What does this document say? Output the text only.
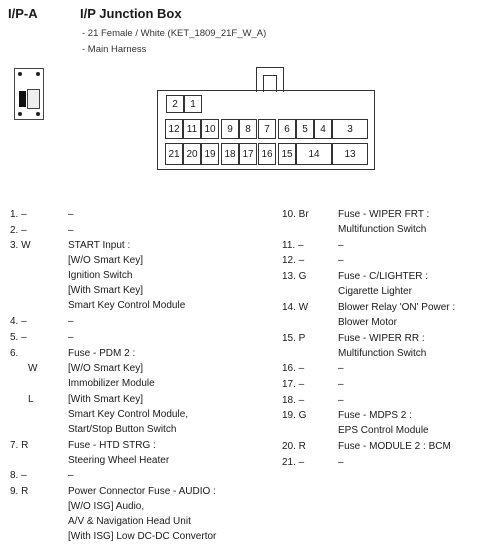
I/P-A	I/P Junction Box
- 21 Female / White (KET_1809_21F_W_A)
- Main Harness
2	1
12 11 10	9	8	7	6	5	4	3
21 20 19 18 17 16 15	14	13
1. –	–
2. –	–
3. W	START Input :
[W/O Smart Key]
Ignition Switch
[With Smart Key]
Smart Key Control Module
4. –	–
5. –	–
6.	Fuse - PDM 2 :
W	[W/O Smart Key]
Immobilizer Module
L	[With Smart Key]
Smart Key Control Module,
Start/Stop Button Switch
7. R	Fuse - HTD STRG :
Steering Wheel Heater
8. –	–
9. R	Power Connector Fuse - AUDIO :
[W/O ISG] Audio,
A/V & Navigation Head Unit
[With ISG] Low DC-DC Convertor
10. Br	Fuse - WIPER FRT :
Multifunction Switch
11. –	–
12. –	–
13. G	Fuse - C/LIGHTER :
Cigarette Lighter
14. W	Blower Relay 'ON' Power :
Blower Motor
15. P	Fuse - WIPER RR :
Multifunction Switch
16. –	–
17. –	–
18. –	–
19. G	Fuse - MDPS 2 :
EPS Control Module
20. R	Fuse - MODULE 2 : BCM
21. –	–
